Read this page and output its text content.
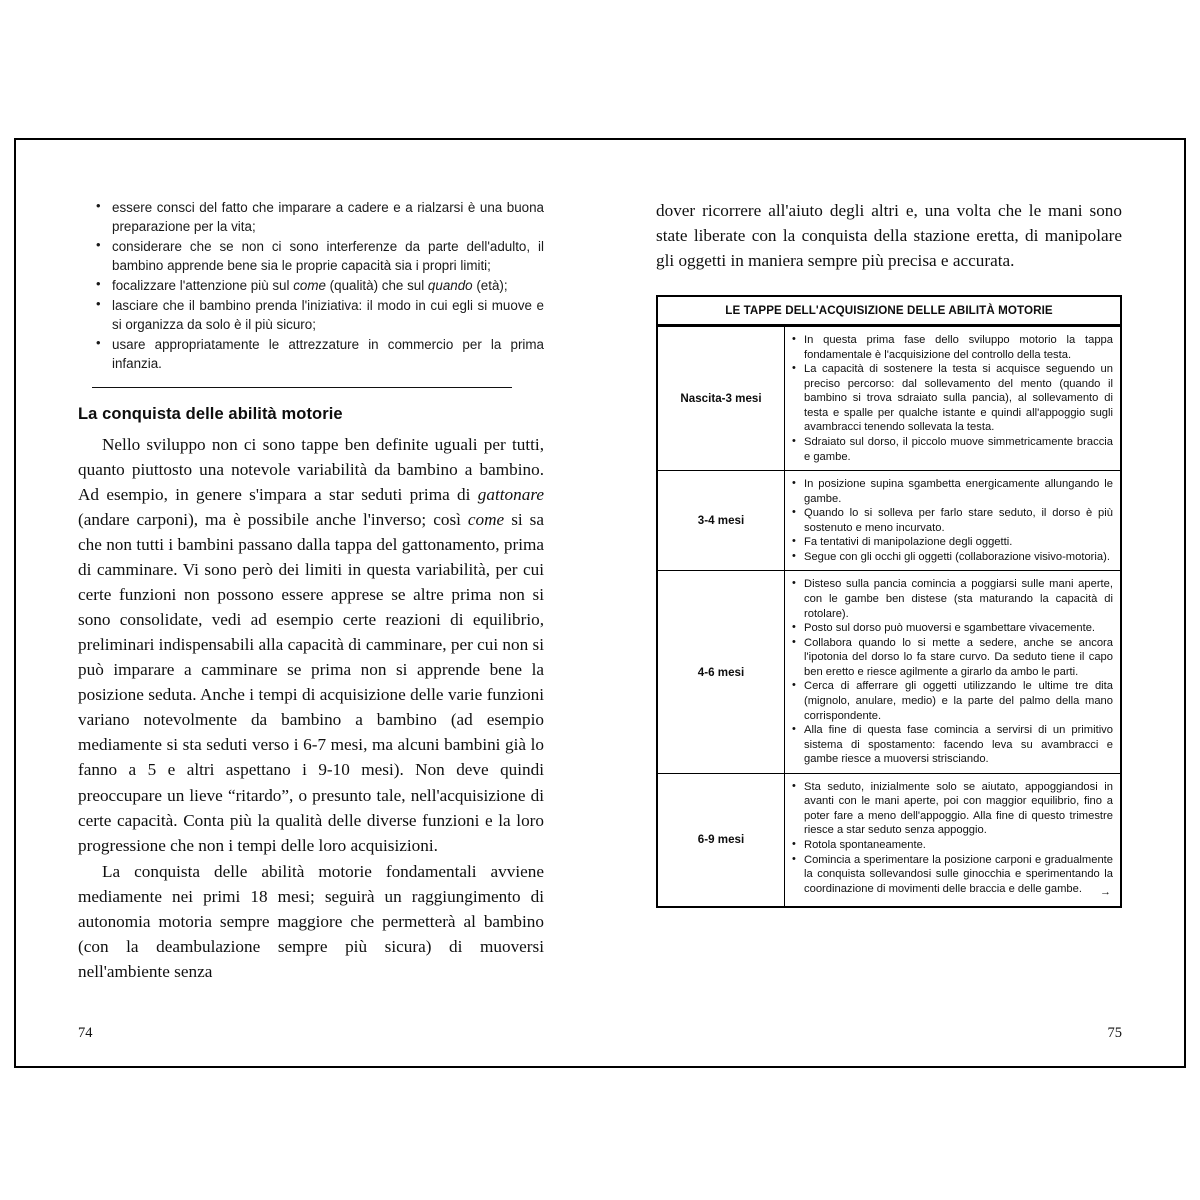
• essere consci del fatto che imparare a cadere e a rialzarsi è una buona preparazione per la vita;
• considerare che se non ci sono interferenze da parte dell'adulto, il bambino apprende bene sia le proprie capacità sia i propri limiti;
• focalizzare l'attenzione più sul come (qualità) che sul quando (età);
• lasciare che il bambino prenda l'iniziativa: il modo in cui egli si muove e si organizza da solo è il più sicuro;
• usare appropriatamente le attrezzature in commercio per la prima infanzia.
La conquista delle abilità motorie

Nello sviluppo non ci sono tappe ben definite uguali per tutti, quanto piuttosto una notevole variabilità da bambino a bambino. Ad esempio, in genere s'impara a star seduti prima di gattonare (andare carponi), ma è possibile anche l'inverso; così come si sa che non tutti i bambini passano dalla tappa del gattonamento, prima di camminare. Vi sono però dei limiti in questa variabilità, per cui certe funzioni non possono essere apprese se altre prima non si sono consolidate, vedi ad esempio certe reazioni di equilibrio, preliminari indispensabili alla capacità di camminare, per cui non si può imparare a camminare se prima non si apprende bene la posizione seduta. Anche i tempi di acquisizione delle varie funzioni variano notevolmente da bambino a bambino (ad esempio mediamente si sta seduti verso i 6-7 mesi, ma alcuni bambini già lo fanno a 5 e altri aspettano i 9-10 mesi). Non deve quindi preoccupare un lieve “ritardo”, o presunto tale, nell'acquisizione di certe capacità. Conta più la qualità delle diverse funzioni e la loro progressione che non i tempi delle loro acquisizioni.

La conquista delle abilità motorie fondamentali avviene mediamente nei primi 18 mesi; seguirà un raggiungimento di autonomia motoria sempre maggiore che permetterà al bambino (con la deambulazione sempre più sicura) di muoversi nell'ambiente senza

74

dover ricorrere all'aiuto degli altri e, una volta che le mani sono state liberate con la conquista della stazione eretta, di manipolare gli oggetti in maniera sempre più precisa e accurata.

LE TAPPE DELL'ACQUISIZIONE DELLE ABILITÀ MOTORIE
Nascita-3 mesi	
• In questa prima fase dello sviluppo motorio la tappa fondamentale è l'acquisizione del controllo della testa.
• La capacità di sostenere la testa si acquisce seguendo un preciso percorso: dal sollevamento del mento (quando il bambino si trova sdraiato sulla pancia), al sollevamento di testa e spalle per qualche istante e quindi all'appoggio sugli avambracci tenendo sollevata la testa.
• Sdraiato sul dorso, il piccolo muove simmetricamente braccia e gambe.

3-4 mesi	
• In posizione supina sgambetta energicamente allungando le gambe.
• Quando lo si solleva per farlo stare seduto, il dorso è più sostenuto e meno incurvato.
• Fa tentativi di manipolazione degli oggetti.
• Segue con gli occhi gli oggetti (collaborazione visivo-motoria).

4-6 mesi	
• Disteso sulla pancia comincia a poggiarsi sulle mani aperte, con le gambe ben distese (sta maturando la capacità di rotolare).
• Posto sul dorso può muoversi e sgambettare vivacemente.
• Collabora quando lo si mette a sedere, anche se ancora l'ipotonia del dorso lo fa stare curvo. Da seduto tiene il capo ben eretto e riesce agilmente a girarlo da ambo le parti.
• Cerca di afferrare gli oggetti utilizzando le ultime tre dita (mignolo, anulare, medio) e la parte del palmo della mano corrispondente.
• Alla fine di questa fase comincia a servirsi di un primitivo sistema di spostamento: facendo leva su avambracci e gambe riesce a muoversi strisciando.

6-9 mesi	
• Sta seduto, inizialmente solo se aiutato, appoggiandosi in avanti con le mani aperte, poi con maggior equilibrio, fino a poter fare a meno dell'appoggio. Alla fine di questo trimestre riesce a star seduto senza appoggio.
• Rotola spontaneamente.
• Comincia a sperimentare la posizione carponi e gradualmente la conquista sollevandosi sulle ginocchia e sperimentando la coordinazione di movimenti delle braccia e delle gambe.	→
75
